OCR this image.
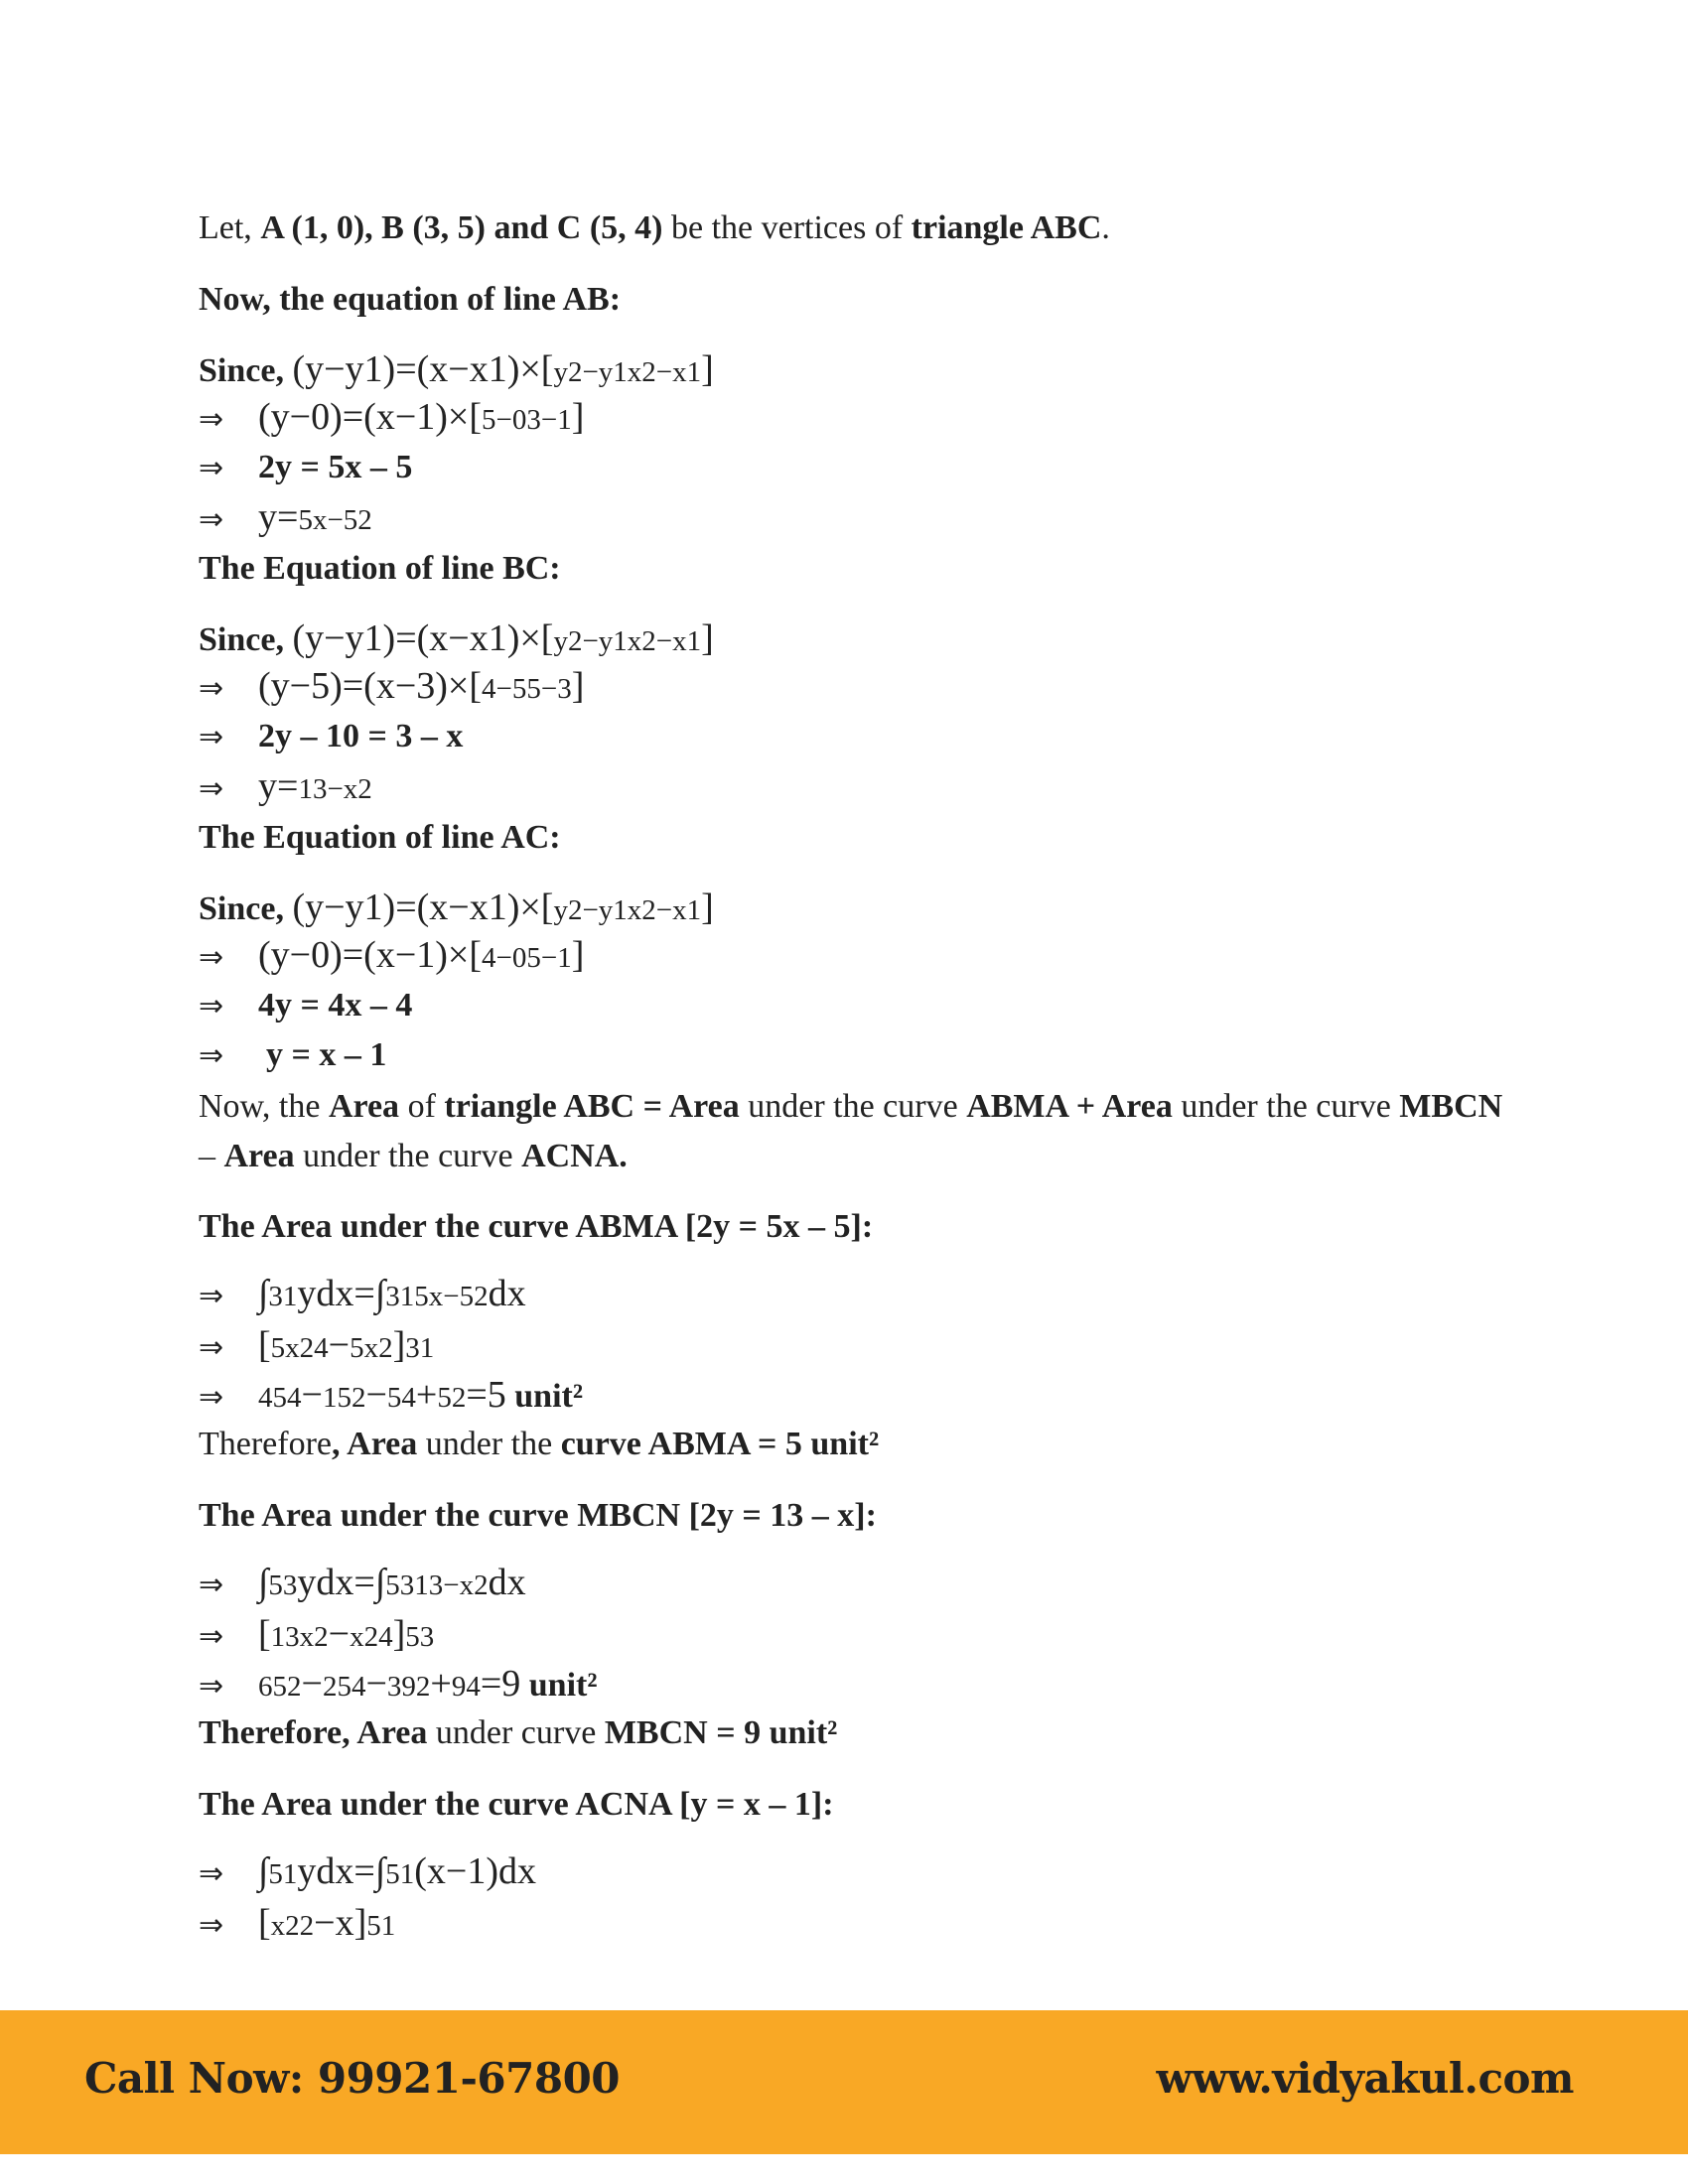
Let, A (1, 0), B (3, 5) and C (5, 4) be the vertices of triangle ABC.
Now, the equation of line AB:
Since, (y−y1)=(x−x1)×[y2−y1x2−x1]
⇒ (y−0)=(x−1)×[5−03−1]
⇒ 2y = 5x – 5
⇒ y=5x−52
The Equation of line BC:
Since, (y−y1)=(x−x1)×[y2−y1x2−x1]
⇒ (y−5)=(x−3)×[4−55−3]
⇒ 2y – 10 = 3 – x
⇒ y=13−x2
The Equation of line AC:
Since, (y−y1)=(x−x1)×[y2−y1x2−x1]
⇒ (y−0)=(x−1)×[4−05−1]
⇒ 4y = 4x – 4
⇒ y = x – 1
Now, the Area of triangle ABC = Area under the curve ABMA + Area under the curve MBCN
– Area under the curve ACNA.
The Area under the curve ABMA [2y = 5x – 5]:
⇒ ∫31ydx=∫315x−52dx
⇒ [5x24−5x2]31
⇒ 454−152−54+52=5 unit²
Therefore, Area under the curve ABMA = 5 unit²
The Area under the curve MBCN [2y = 13 – x]:
⇒ ∫53ydx=∫5313−x2dx
⇒ [13x2−x24]53
⇒ 652−254−392+94=9 unit²
Therefore, Area under curve MBCN = 9 unit²
The Area under the curve ACNA [y = x – 1]:
⇒ ∫51ydx=∫51(x−1)dx
⇒ [x22−x]51
Call Now: 99921-67800	www.vidyakul.com
